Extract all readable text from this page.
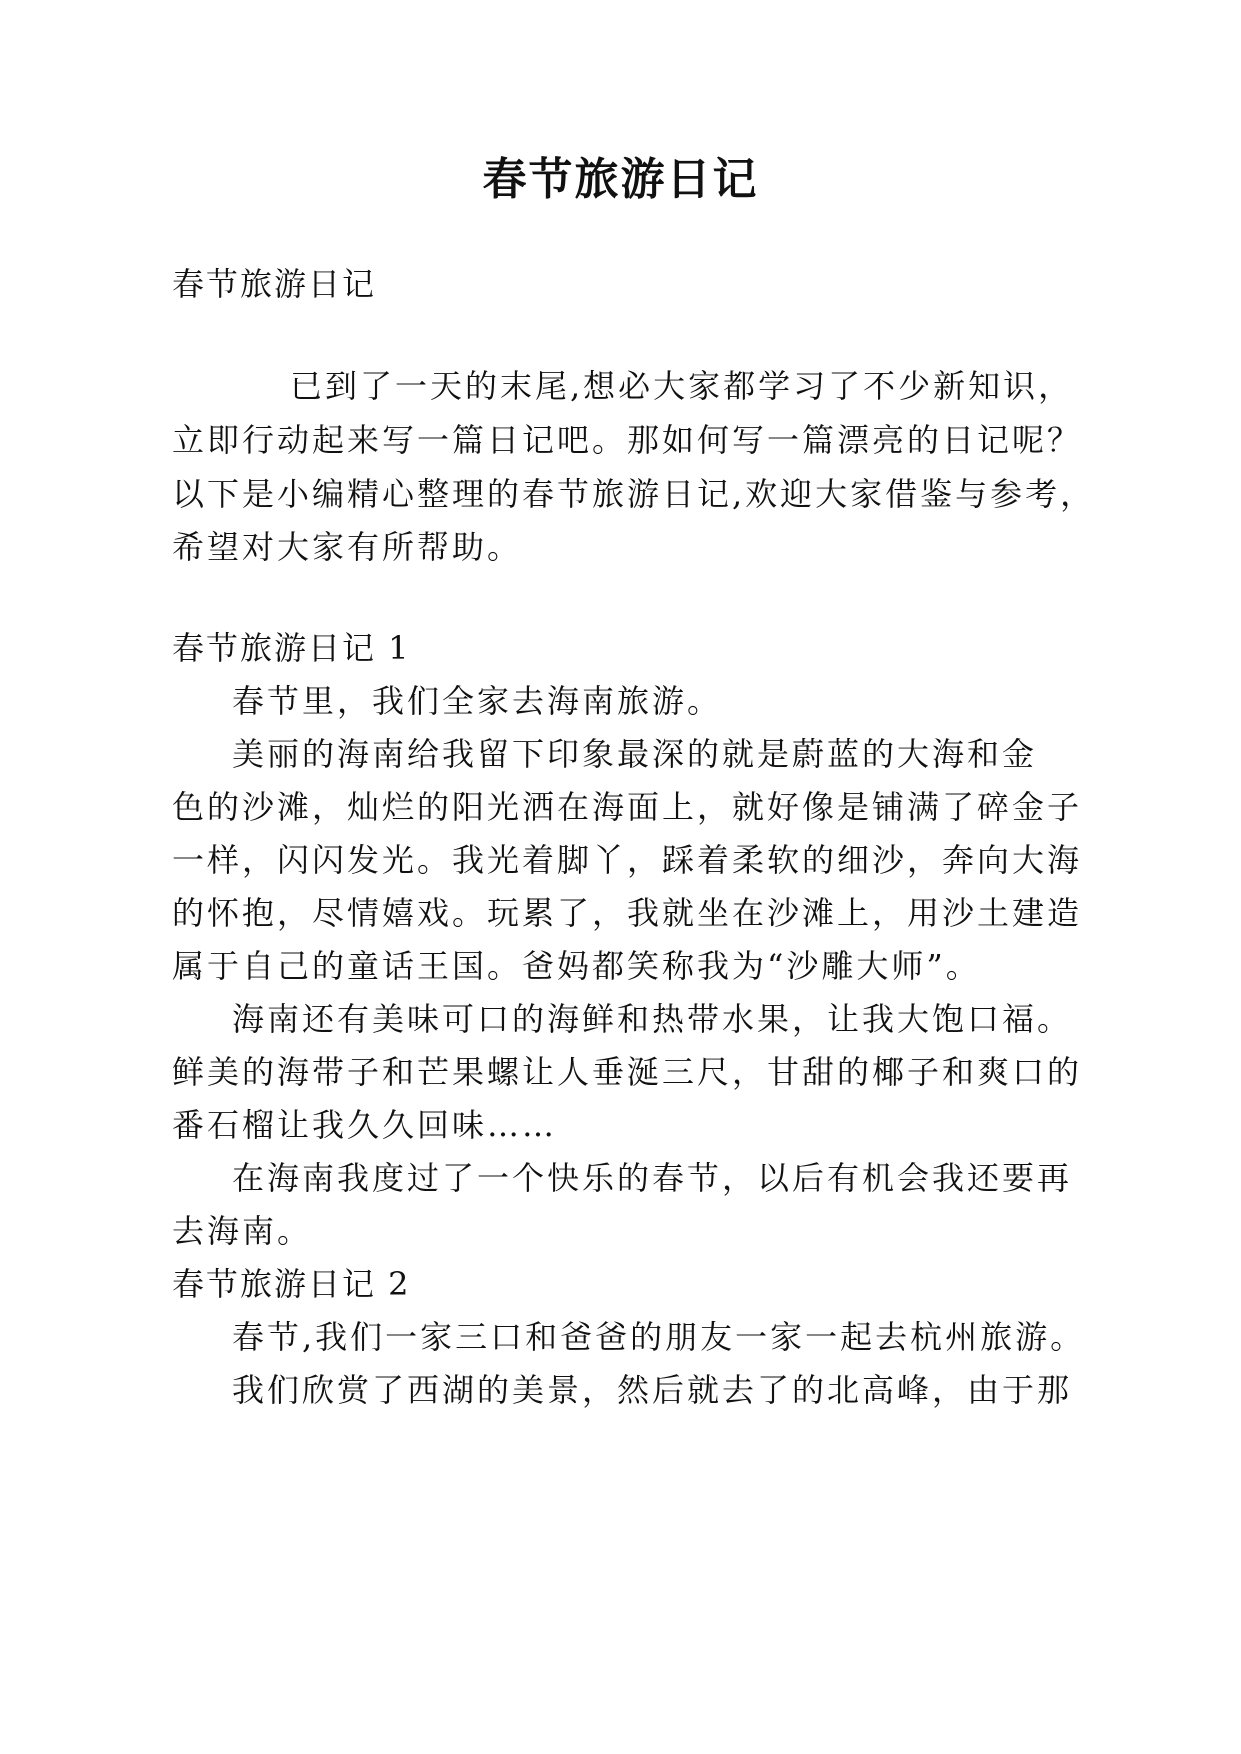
春节旅游日记
春节旅游日记
已到了一天的末尾,想必大家都学习了不少新知识，
立即行动起来写一篇日记吧。那如何写一篇漂亮的日记呢？
以下是小编精心整理的春节旅游日记,欢迎大家借鉴与参考，
希望对大家有所帮助。
春节旅游日记 1
春节里，我们全家去海南旅游。
美丽的海南给我留下印象最深的就是蔚蓝的大海和金
色的沙滩，灿烂的阳光洒在海面上，就好像是铺满了碎金子
一样，闪闪发光。我光着脚丫，踩着柔软的细沙，奔向大海
的怀抱，尽情嬉戏。玩累了，我就坐在沙滩上，用沙土建造
属于自己的童话王国。爸妈都笑称我为“沙雕大师”。
海南还有美味可口的海鲜和热带水果，让我大饱口福。
鲜美的海带子和芒果螺让人垂涎三尺，甘甜的椰子和爽口的
番石榴让我久久回味……
在海南我度过了一个快乐的春节，以后有机会我还要再
去海南。
春节旅游日记 2
春节,我们一家三口和爸爸的朋友一家一起去杭州旅游。
我们欣赏了西湖的美景，然后就去了的北高峰，由于那
